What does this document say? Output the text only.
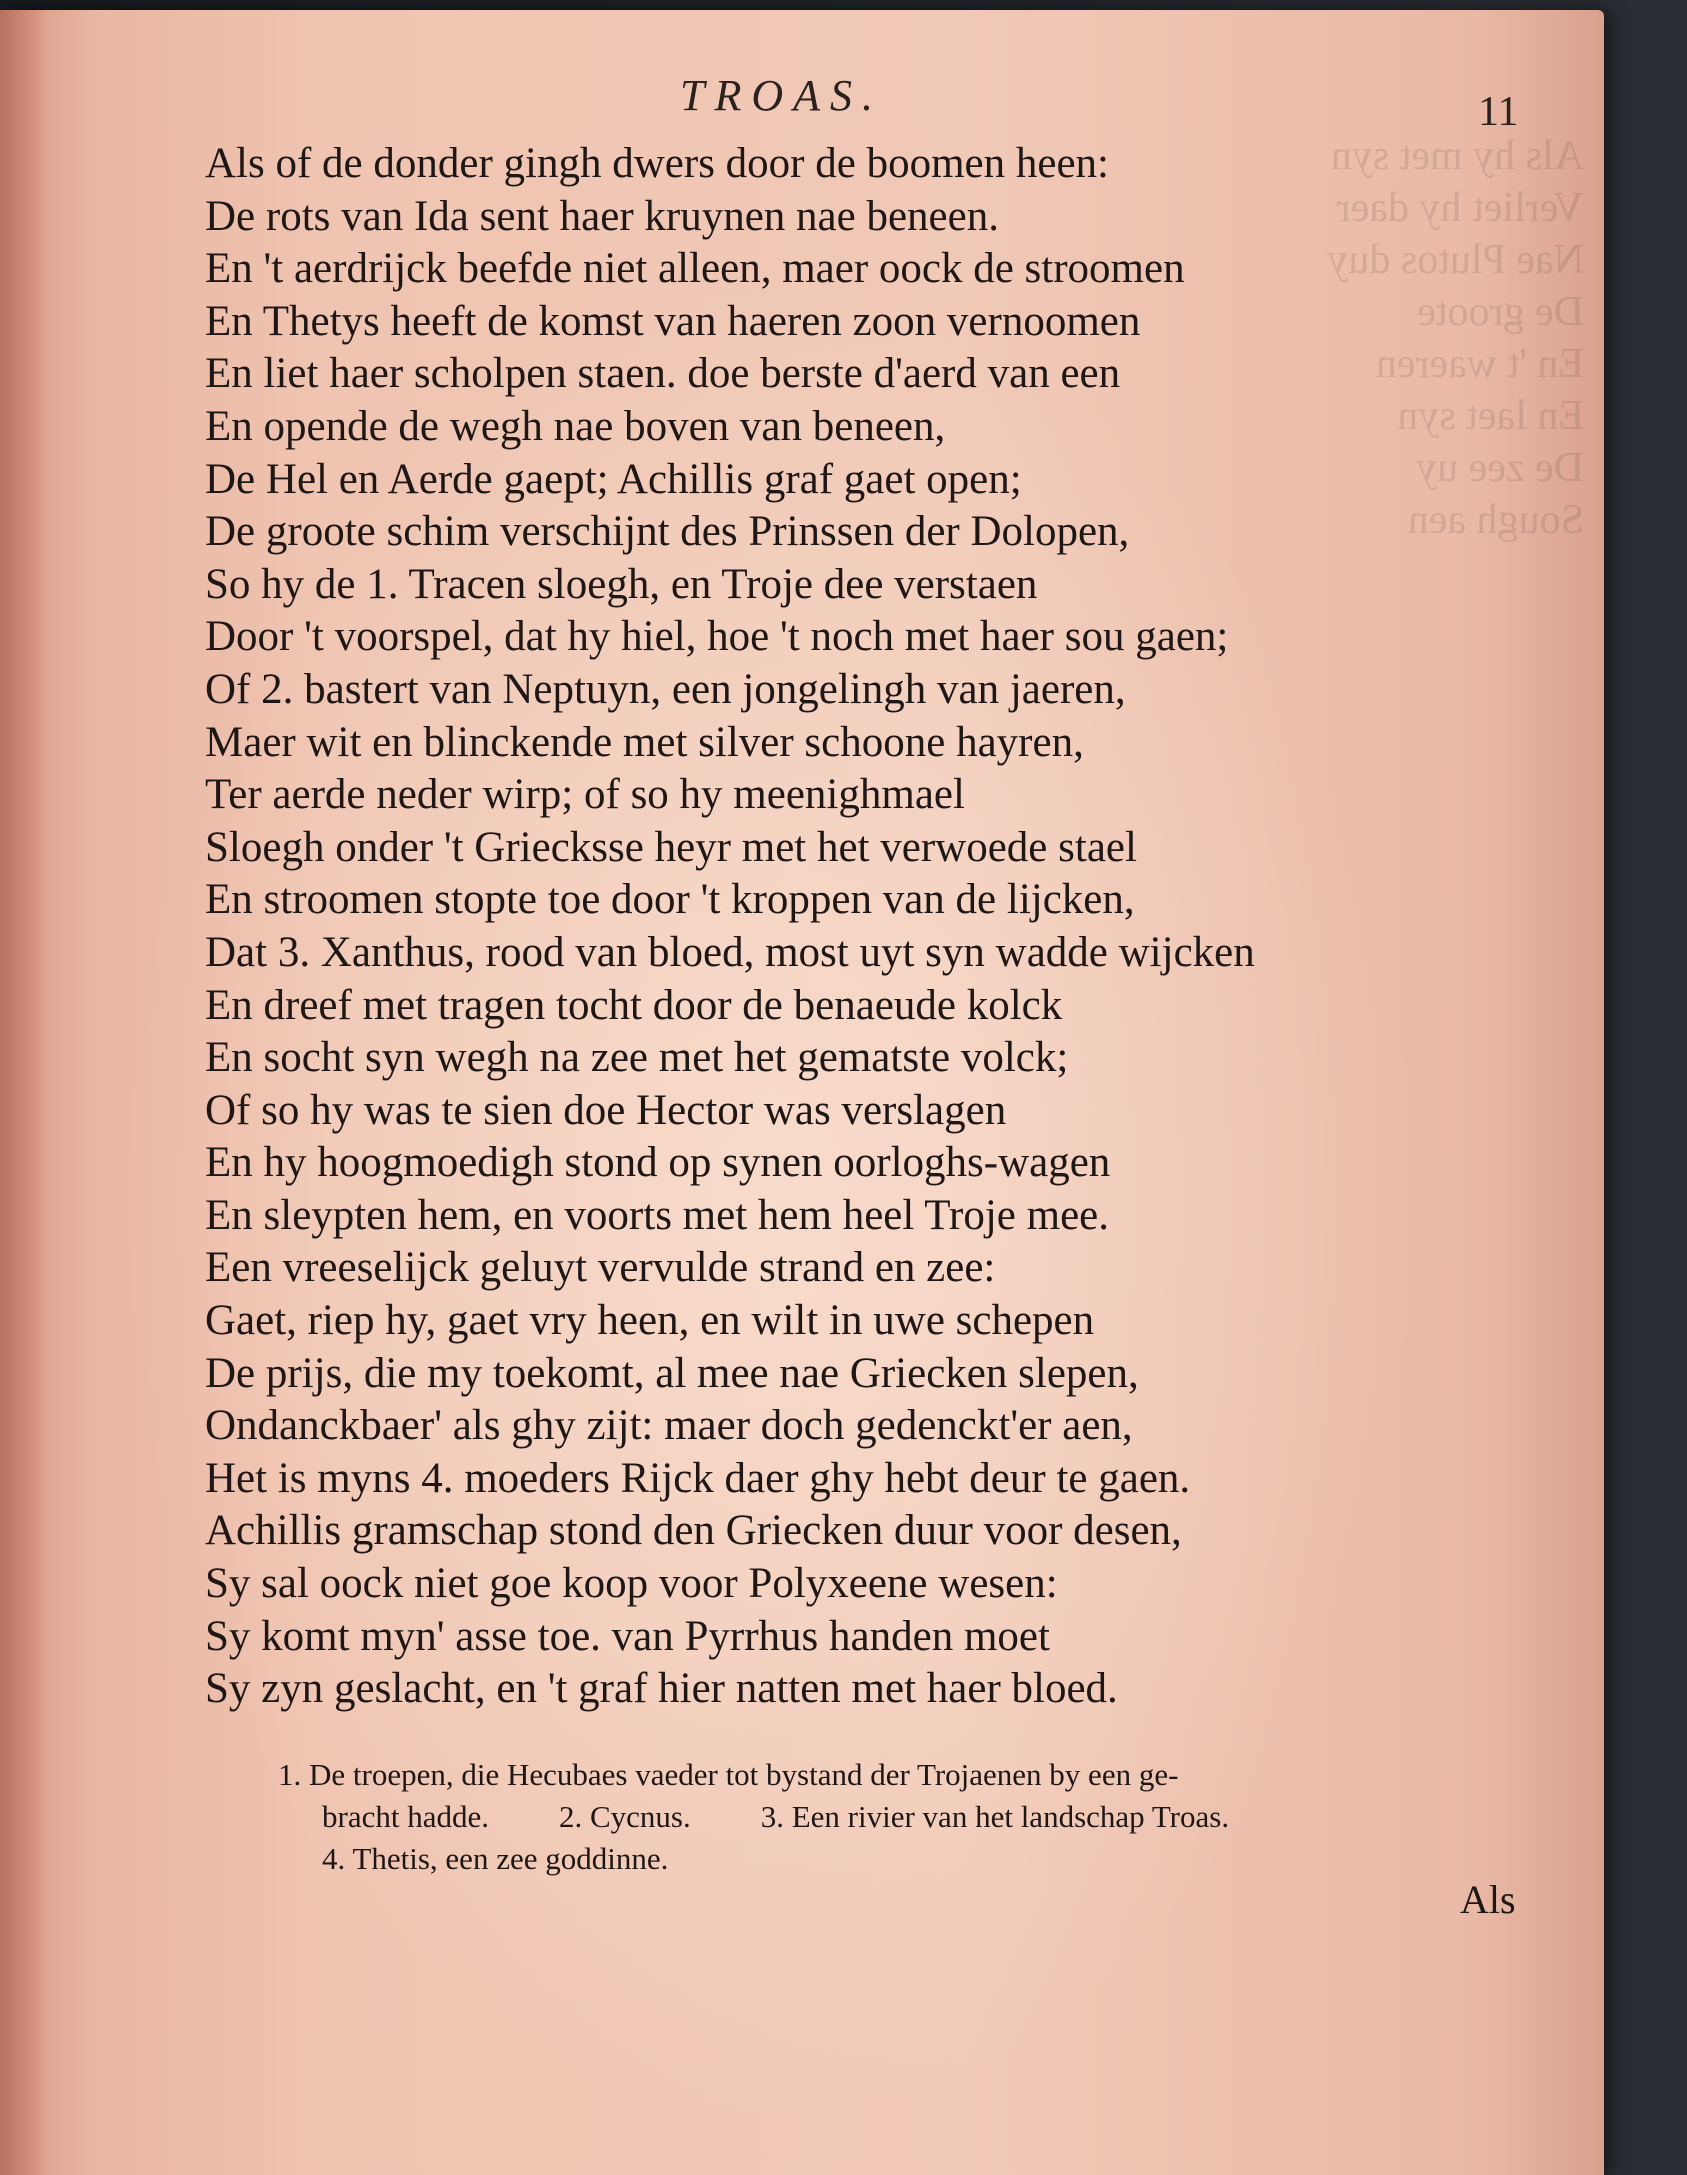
Als hy met syn
Verliet hy daer
Nae Plutos duy
De groote
En 't waeren
En laet syn
De zee uy
Sough aen
TROAS.	11
Als of de donder gingh dwers door de boomen heen:
De rots van Ida sent haer kruynen nae beneen.
En 't aerdrijck beefde niet alleen, maer oock de stroomen
En Thetys heeft de komst van haeren zoon vernoomen
En liet haer scholpen staen. doe berste d'aerd van een
En opende de wegh nae boven van beneen,
De Hel en Aerde gaept; Achillis graf gaet open;
De groote schim verschijnt des Prinssen der Dolopen,
So hy de 1. Tracen sloegh, en Troje dee verstaen
Door 't voorspel, dat hy hiel, hoe 't noch met haer sou gaen;
Of 2. bastert van Neptuyn, een jongelingh van jaeren,
Maer wit en blinckende met silver schoone hayren,
Ter aerde neder wirp; of so hy meenighmael
Sloegh onder 't Griecksse heyr met het verwoede stael
En stroomen stopte toe door 't kroppen van de lijcken,
Dat 3. Xanthus, rood van bloed, most uyt syn wadde wijcken
En dreef met tragen tocht door de benaeude kolck
En socht syn wegh na zee met het gematste volck;
Of so hy was te sien doe Hector was verslagen
En hy hoogmoedigh stond op synen oorloghs-wagen
En sleypten hem, en voorts met hem heel Troje mee.
Een vreeselijck geluyt vervulde strand en zee:
Gaet, riep hy, gaet vry heen, en wilt in uwe schepen
De prijs, die my toekomt, al mee nae Griecken slepen,
Ondanckbaer' als ghy zijt: maer doch gedenckt'er aen,
Het is myns 4. moeders Rijck daer ghy hebt deur te gaen.
Achillis gramschap stond den Griecken duur voor desen,
Sy sal oock niet goe koop voor Polyxeene wesen:
Sy komt myn' asse toe. van Pyrrhus handen moet
Sy zyn geslacht, en 't graf hier natten met haer bloed.
1. De troepen, die Hecubaes vaeder tot bystand der Trojaenen by een ge-
bracht hadde. 2. Cycnus. 3. Een rivier van het landschap Troas.
4. Thetis, een zee goddinne.
Als
